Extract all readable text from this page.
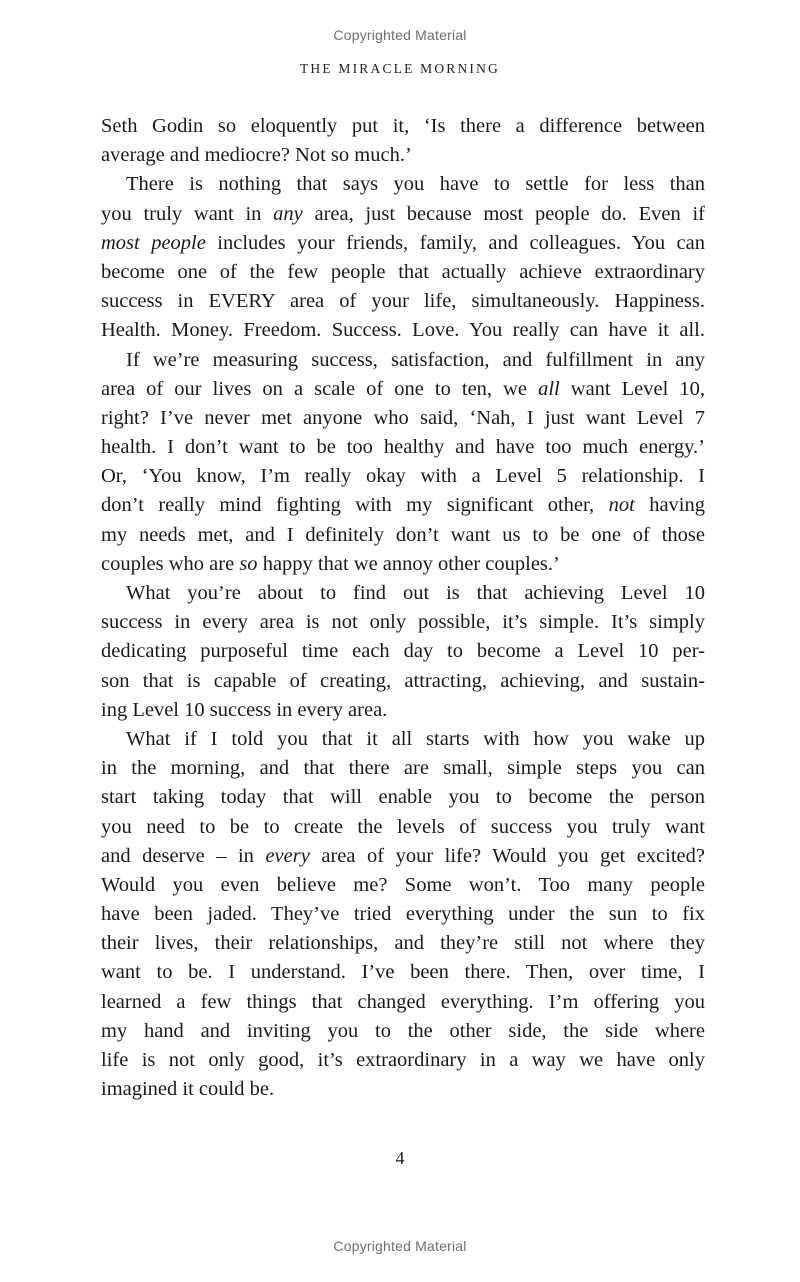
Copyrighted Material
THE MIRACLE MORNING
Seth Godin so eloquently put it, ‘Is there a difference between
average and mediocre? Not so much.’
There is nothing that says you have to settle for less than
you truly want in any area, just because most people do. Even if
most people includes your friends, family, and colleagues. You can
become one of the few people that actually achieve extraordinary
success in EVERY area of your life, simultaneously. Happiness.
Health. Money. Freedom. Success. Love. You really can have it all.
If we’re measuring success, satisfaction, and fulfillment in any
area of our lives on a scale of one to ten, we all want Level 10,
right? I’ve never met anyone who said, ‘Nah, I just want Level 7
health. I don’t want to be too healthy and have too much energy.’
Or, ‘You know, I’m really okay with a Level 5 relationship. I
don’t really mind fighting with my significant other, not having
my needs met, and I definitely don’t want us to be one of those
couples who are so happy that we annoy other couples.’
What you’re about to find out is that achieving Level 10
success in every area is not only possible, it’s simple. It’s simply
dedicating purposeful time each day to become a Level 10 per-
son that is capable of creating, attracting, achieving, and sustain-
ing Level 10 success in every area.
What if I told you that it all starts with how you wake up
in the morning, and that there are small, simple steps you can
start taking today that will enable you to become the person
you need to be to create the levels of success you truly want
and deserve – in every area of your life? Would you get excited?
Would you even believe me? Some won’t. Too many people
have been jaded. They’ve tried everything under the sun to fix
their lives, their relationships, and they’re still not where they
want to be. I understand. I’ve been there. Then, over time, I
learned a few things that changed everything. I’m offering you
my hand and inviting you to the other side, the side where
life is not only good, it’s extraordinary in a way we have only
imagined it could be.
4
Copyrighted Material
